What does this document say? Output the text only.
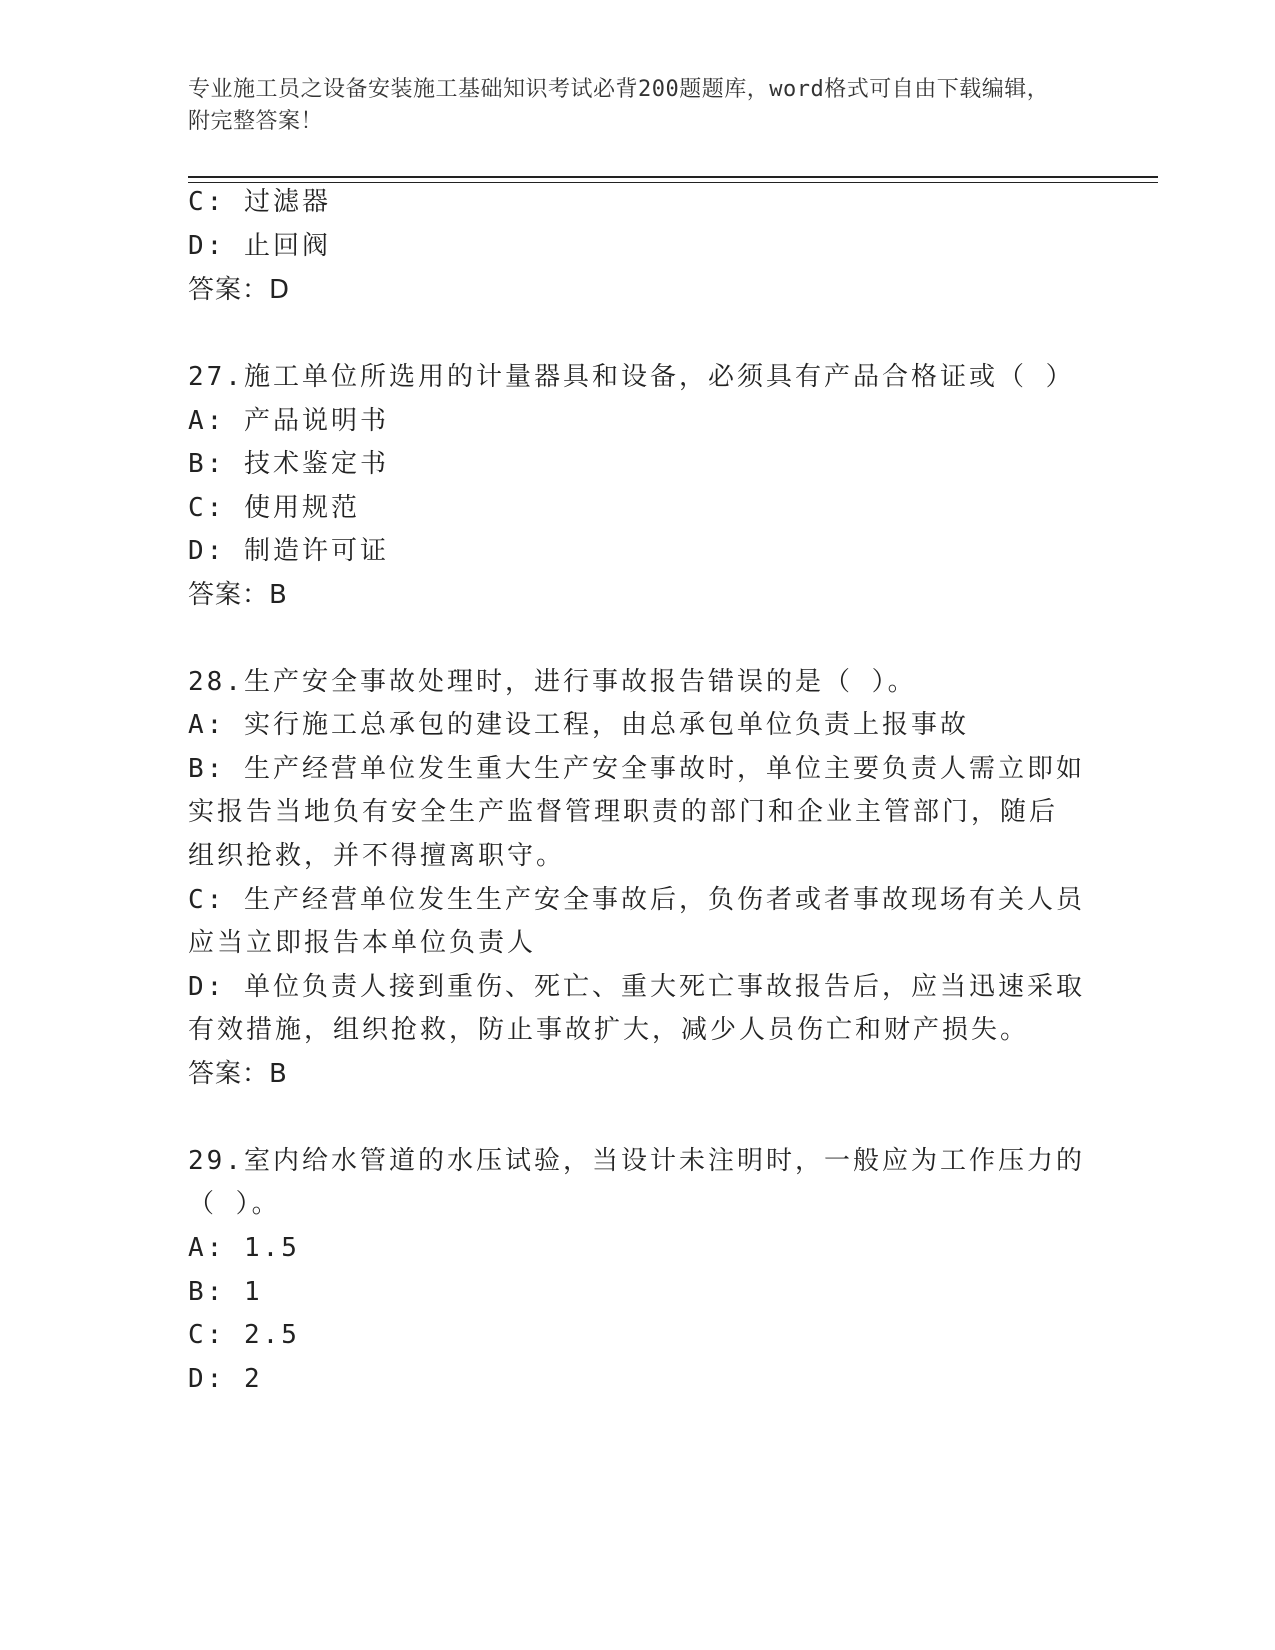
专业施工员之设备安装施工基础知识考试必背200题题库，word格式可自由下载编辑，附完整答案！
C: 过滤器
D: 止回阀
答案：D
27.施工单位所选用的计量器具和设备，必须具有产品合格证或（ ）
A: 产品说明书
B: 技术鉴定书
C: 使用规范
D: 制造许可证
答案：B
28.生产安全事故处理时，进行事故报告错误的是（ ）。
A: 实行施工总承包的建设工程，由总承包单位负责上报事故
B: 生产经营单位发生重大生产安全事故时，单位主要负责人需立即如
实报告当地负有安全生产监督管理职责的部门和企业主管部门，随后
组织抢救，并不得擅离职守。
C: 生产经营单位发生生产安全事故后，负伤者或者事故现场有关人员
应当立即报告本单位负责人
D: 单位负责人接到重伤、死亡、重大死亡事故报告后，应当迅速采取
有效措施，组织抢救，防止事故扩大，减少人员伤亡和财产损失。
答案：B
29.室内给水管道的水压试验，当设计未注明时，一般应为工作压力的
（ ）。
A: 1.5
B: 1
C: 2.5
D: 2
